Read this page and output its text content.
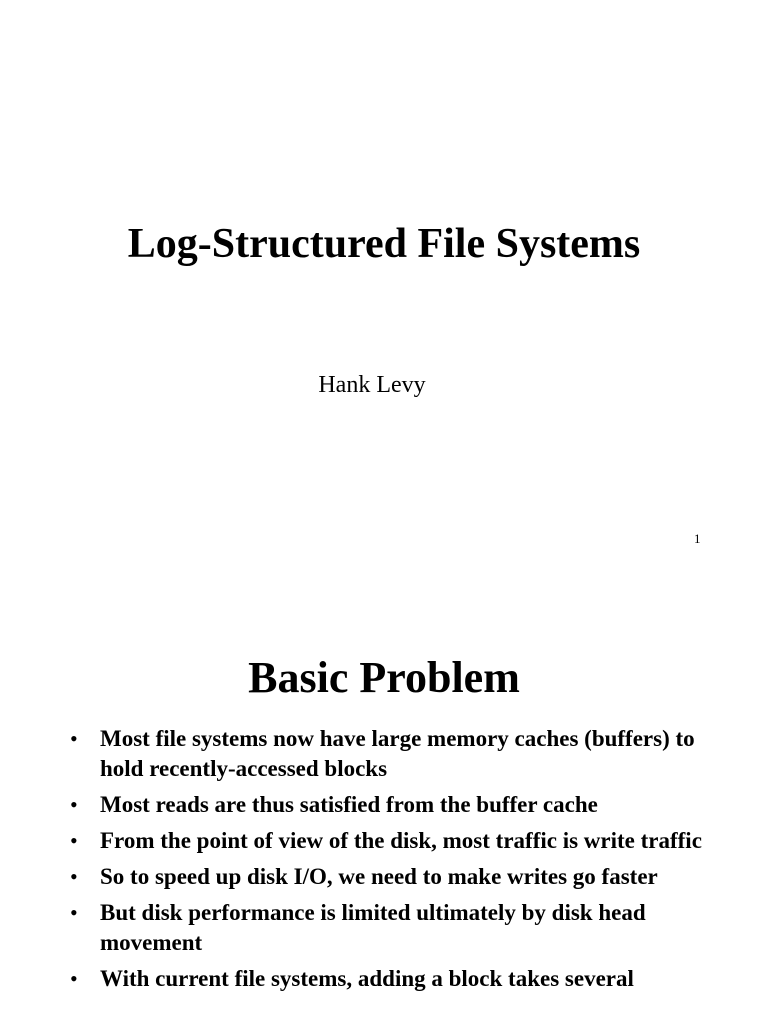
Log-Structured File Systems
Hank Levy
1
Basic Problem
• Most file systems now have large memory caches (buffers) to hold recently-accessed blocks
• Most reads are thus satisfied from the buffer cache
• From the point of view of the disk, most traffic is write traffic
• So to speed up disk I/O, we need to make writes go faster
• But disk performance is limited ultimately by disk head movement
• With current file systems, adding a block takes several
